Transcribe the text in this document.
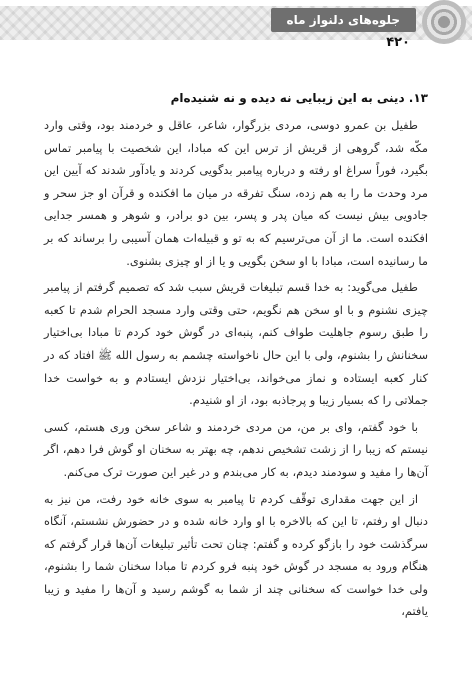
جلوه‌های دلنواز ماه
۴۲۰
۱۳. دینی به این زیبایی نه دیده و نه شنیده‌ام

طفیل بن عمرو دوسی، مردی بزرگوار، شاعر، عاقل و خردمند بود، وقتی وارد مکّه شد، گروهی از قریش از ترس این که مبادا، این شخصیت با پیامبر تماس بگیرد، فوراً سراغ او رفته و درباره پیامبر بدگویی کردند و یادآور شدند که آیین این مرد وحدت ما را به هم زده، سنگ تفرقه در میان ما افکنده و قرآن او جز سحر و جادویی بیش نیست که میان پدر و پسر، بین دو برادر، و شوهر و همسر جدایی افکنده است. ما از آن می‌ترسیم که به تو و قبیله‌ات همان آسیبی را برساند که بر ما رسانیده است، مبادا با او سخن بگویی و یا از او چیزی بشنوی.

طفیل می‌گوید: به خدا قسم تبلیغات قریش سبب شد که تصمیم گرفتم از پیامبر چیزی نشنوم و با او سخن هم نگویم، حتی وقتی وارد مسجد الحرام شدم تا کعبه را طبق رسوم جاهلیت طواف کنم، پنبه‌ای در گوش خود کردم تا مبادا بی‌اختیار سخنانش را بشنوم، ولی با این حال ناخواسته چشمم به رسول الله ﷺ افتاد که در کنار کعبه ایستاده و نماز می‌خواند، بی‌اختیار نزدش ایستادم و به خواست خدا جملاتی را که بسیار زیبا و پرجاذبه بود، از او شنیدم.

با خود گفتم، وای بر من، من مردی خردمند و شاعر سخن وری هستم، کسی نیستم که زیبا را از زشت تشخیص ندهم، چه بهتر به سخنان او گوش فرا دهم، اگر آن‌ها را مفید و سودمند دیدم، به کار می‌بندم و در غیر این صورت ترک می‌کنم.

از این جهت مقداری توقّف کردم تا پیامبر به سوی خانه خود رفت، من نیز به دنبال او رفتم، تا این که بالاخره با او وارد خانه شده و در حضورش نشستم، آنگاه سرگذشت خود را بازگو کرده و گفتم: چنان تحت تأثیر تبلیغات آن‌ها قرار گرفتم که هنگام ورود به مسجد در گوش خود پنبه فرو کردم تا مبادا سخنان شما را بشنوم، ولی خدا خواست که سخنانی چند از شما به گوشم رسید و آن‌ها را مفید و زیبا یافتم،
